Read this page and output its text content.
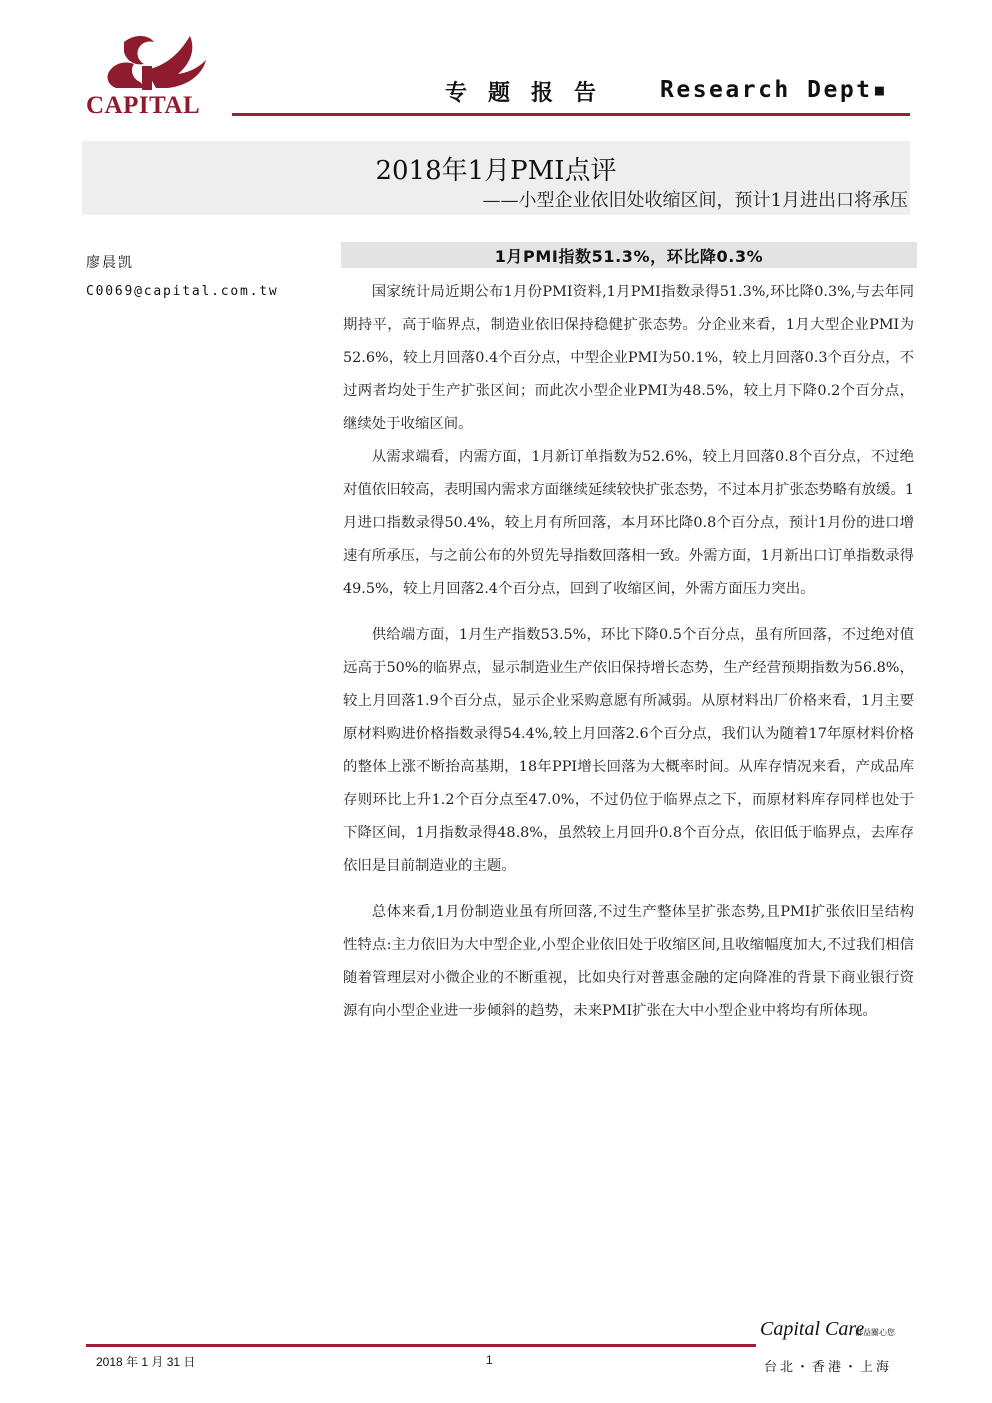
CAPITAL	专题报告 Research Dept▪
2018年1月PMI点评
——小型企业依旧处收缩区间，预计1月进出口将承压
廖晨凯
C0069@capital.com.tw
1月PMI指数51.3%，环比降0.3%

国家统计局近期公布1月份PMI资料,1月PMI指数录得51.3%,环比降0.3%,与去年同期持平，高于临界点，制造业依旧保持稳健扩张态势。分企业来看，1月大型企业PMI为52.6%，较上月回落0.4个百分点，中型企业PMI为50.1%，较上月回落0.3个百分点，不过两者均处于生产扩张区间；而此次小型企业PMI为48.5%，较上月下降0.2个百分点，继续处于收缩区间。

从需求端看，内需方面，1月新订单指数为52.6%，较上月回落0.8个百分点，不过绝对值依旧较高，表明国内需求方面继续延续较快扩张态势，不过本月扩张态势略有放缓。1月进口指数录得50.4%，较上月有所回落，本月环比降0.8个百分点，预计1月份的进口增速有所承压，与之前公布的外贸先导指数回落相一致。外需方面，1月新出口订单指数录得49.5%，较上月回落2.4个百分点，回到了收缩区间，外需方面压力突出。

供给端方面，1月生产指数53.5%，环比下降0.5个百分点，虽有所回落，不过绝对值远高于50%的临界点，显示制造业生产依旧保持增长态势，生产经营预期指数为56.8%，较上月回落1.9个百分点，显示企业采购意愿有所减弱。从原材料出厂价格来看，1月主要原材料购进价格指数录得54.4%,较上月回落2.6个百分点，我们认为随着17年原材料价格的整体上涨不断抬高基期，18年PPI增长回落为大概率时间。从库存情况来看，产成品库存则环比上升1.2个百分点至47.0%，不过仍位于临界点之下，而原材料库存同样也处于下降区间，1月指数录得48.8%，虽然较上月回升0.8个百分点，依旧低于临界点，去库存依旧是目前制造业的主题。

总体来看,1月份制造业虽有所回落,不过生产整体呈扩张态势,且PMI扩张依旧呈结构性特点:主力依旧为大中型企业,小型企业依旧处于收缩区间,且收缩幅度加大,不过我们相信随着管理层对小微企业的不断重视，比如央行对普惠金融的定向降准的背景下商业银行资源有向小型企业进一步倾斜的趋势，未来PMI扩张在大中小型企业中将均有所体现。

2018 年 1 月 31 日	1
Capital Care
群益關心您
台北・香港・上海
